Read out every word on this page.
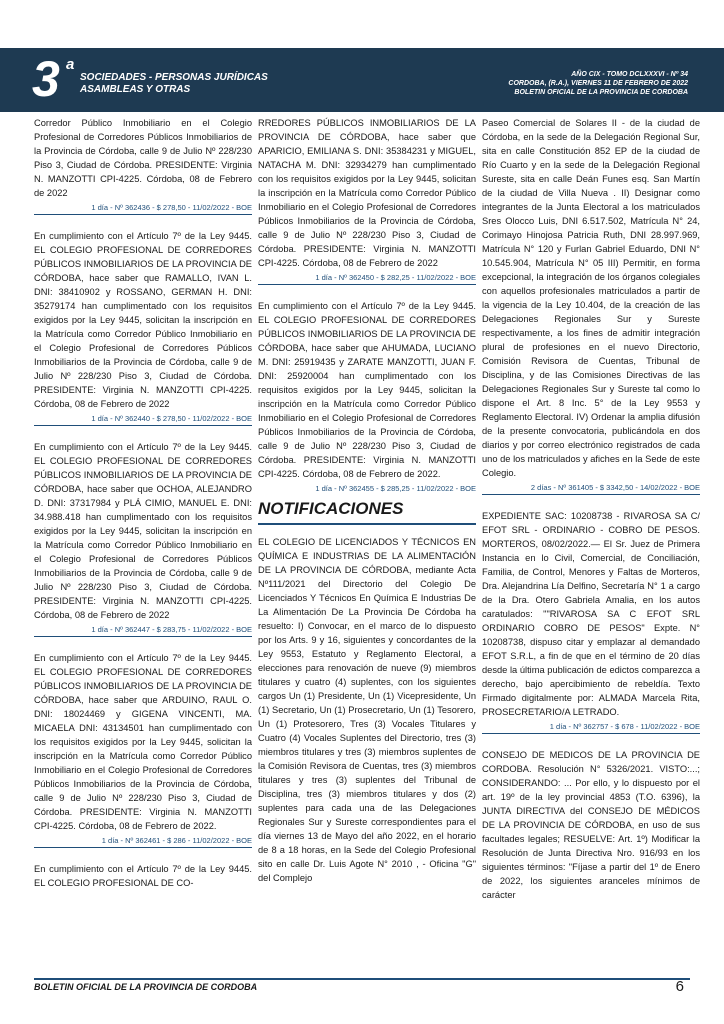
3 a
SOCIEDADES - PERSONAS JURÍDICAS
ASAMBLEAS Y OTRAS
AÑO CIX - TOMO DCLXXXVI - Nº 34
CORDOBA, (R.A.), VIERNES 11 DE FEBRERO DE 2022
BOLETIN OFICIAL DE LA PROVINCIA DE CORDOBA

Corredor Público Inmobiliario en el Colegio Profesional de Corredores Públicos Inmobiliarios de la Provincia de Córdoba, calle 9 de Julio Nº 228/230 Piso 3, Ciudad de Córdoba. PRESIDENTE: Virginia N. MANZOTTI CPI-4225. Córdoba, 08 de Febrero de 2022

1 día - Nº 362436 - $ 278,50 - 11/02/2022 - BOE

En cumplimiento con el Artículo 7º de la Ley 9445. EL COLEGIO PROFESIONAL DE CORREDORES PÚBLICOS INMOBILIARIOS DE LA PROVINCIA DE CÓRDOBA, hace saber que RAMALLO, IVAN L. DNI: 38410902 y ROSSANO, GERMAN H. DNI: 35279174 han cumplimentado con los requisitos exigidos por la Ley 9445, solicitan la inscripción en la Matrícula como Corredor Público Inmobiliario en el Colegio Profesional de Corredores Públicos Inmobiliarios de la Provincia de Córdoba, calle 9 de Julio Nº 228/230 Piso 3, Ciudad de Córdoba. PRESIDENTE: Virginia N. MANZOTTI CPI-4225. Córdoba, 08 de Febrero de 2022

1 día - Nº 362440 - $ 278,50 - 11/02/2022 - BOE

En cumplimiento con el Artículo 7º de la Ley 9445. EL COLEGIO PROFESIONAL DE CORREDORES PÚBLICOS INMOBILIARIOS DE LA PROVINCIA DE CÓRDOBA, hace saber que OCHOA, ALEJANDRO D. DNI: 37317984 y PLÁ CIMIO, MANUEL E. DNI: 34.988.418 han cumplimentado con los requisitos exigidos por la Ley 9445, solicitan la inscripción en la Matrícula como Corredor Público Inmobiliario en el Colegio Profesional de Corredores Públicos Inmobiliarios de la Provincia de Córdoba, calle 9 de Julio Nº 228/230 Piso 3, Ciudad de Córdoba. PRESIDENTE: Virginia N. MANZOTTI CPI-4225. Córdoba, 08 de Febrero de 2022

1 día - Nº 362447 - $ 283,75 - 11/02/2022 - BOE

En cumplimiento con el Artículo 7º de la Ley 9445. EL COLEGIO PROFESIONAL DE CORREDORES PÚBLICOS INMOBILIARIOS DE LA PROVINCIA DE CÓRDOBA, hace saber que ARDUINO, RAUL O. DNI: 18024469 y GIGENA VINCENTI, MA. MICAELA DNI: 43134501 han cumplimentado con los requisitos exigidos por la Ley 9445, solicitan la inscripción en la Matrícula como Corredor Público Inmobiliario en el Colegio Profesional de Corredores Públicos Inmobiliarios de la Provincia de Córdoba, calle 9 de Julio Nº 228/230 Piso 3, Ciudad de Córdoba. PRESIDENTE: Virginia N. MANZOTTI CPI-4225. Córdoba, 08 de Febrero de 2022.

1 día - Nº 362461 - $ 286 - 11/02/2022 - BOE

En cumplimiento con el Artículo 7º de la Ley 9445. EL COLEGIO PROFESIONAL DE CO-

RREDORES PÚBLICOS INMOBILIARIOS DE LA PROVINCIA DE CÓRDOBA, hace saber que APARICIO, EMILIANA S. DNI: 35384231 y MIGUEL, NATACHA M. DNI: 32934279 han cumplimentado con los requisitos exigidos por la Ley 9445, solicitan la inscripción en la Matrícula como Corredor Público Inmobiliario en el Colegio Profesional de Corredores Públicos Inmobiliarios de la Provincia de Córdoba, calle 9 de Julio Nº 228/230 Piso 3, Ciudad de Córdoba. PRESIDENTE: Virginia N. MANZOTTI CPI-4225. Córdoba, 08 de Febrero de 2022

1 día - Nº 362450 - $ 282,25 - 11/02/2022 - BOE

En cumplimiento con el Artículo 7º de la Ley 9445. EL COLEGIO PROFESIONAL DE CORREDORES PÚBLICOS INMOBILIARIOS DE LA PROVINCIA DE CÓRDOBA, hace saber que AHUMADA, LUCIANO M. DNI: 25919435 y ZARATE MANZOTTI, JUAN F. DNI: 25920004 han cumplimentado con los requisitos exigidos por la Ley 9445, solicitan la inscripción en la Matrícula como Corredor Público Inmobiliario en el Colegio Profesional de Corredores Públicos Inmobiliarios de la Provincia de Córdoba, calle 9 de Julio Nº 228/230 Piso 3, Ciudad de Córdoba. PRESIDENTE: Virginia N. MANZOTTI CPI-4225. Córdoba, 08 de Febrero de 2022.

1 día - Nº 362455 - $ 285,25 - 11/02/2022 - BOE
NOTIFICACIONES

EL COLEGIO DE LICENCIADOS Y TÉCNICOS EN QUÍMICA E INDUSTRIAS DE LA ALIMENTACIÓN DE LA PROVINCIA DE CÓRDOBA, mediante Acta Nº111/2021 del Directorio del Colegio De Licenciados Y Técnicos En Química E Industrias De La Alimentación De La Provincia De Córdoba ha resuelto: I) Convocar, en el marco de lo dispuesto por los Arts. 9 y 16, siguientes y concordantes de la Ley 9553, Estatuto y Reglamento Electoral, a elecciones para renovación de nueve (9) miembros titulares y cuatro (4) suplentes, con los siguientes cargos Un (1) Presidente, Un (1) Vicepresidente, Un (1) Secretario, Un (1) Prosecretario, Un (1) Tesorero, Un (1) Protesorero, Tres (3) Vocales Titulares y Cuatro (4) Vocales Suplentes del Directorio, tres (3) miembros titulares y tres (3) miembros suplentes de la Comisión Revisora de Cuentas, tres (3) miembros titulares y tres (3) suplentes del Tribunal de Disciplina, tres (3) miembros titulares y dos (2) suplentes para cada una de las Delegaciones Regionales Sur y Sureste correspondientes para el día viernes 13 de Mayo del año 2022, en el horario de 8 a 18 horas, en la Sede del Colegio Profesional sito en calle Dr. Luis Agote N° 2010 , - Oficina "G" del Complejo

Paseo Comercial de Solares II - de la ciudad de Córdoba, en la sede de la Delegación Regional Sur, sita en calle Constitución 852 EP de la ciudad de Río Cuarto y en la sede de la Delegación Regional Sureste, sita en calle Deán Funes esq. San Martín de la ciudad de Villa Nueva . II) Designar como integrantes de la Junta Electoral a los matriculados Sres Olocco Luis, DNI 6.517.502, Matrícula N° 24, Corimayo Hinojosa Patricia Ruth, DNI 28.997.969, Matrícula N° 120 y Furlan Gabriel Eduardo, DNI N° 10.545.904, Matrícula N° 05 III) Permitir, en forma excepcional, la integración de los órganos colegiales con aquellos profesionales matriculados a partir de la vigencia de la Ley 10.404, de la creación de las Delegaciones Regionales Sur y Sureste respectivamente, a los fines de admitir integración plural de profesiones en el nuevo Directorio, Comisión Revisora de Cuentas, Tribunal de Disciplina, y de las Comisiones Directivas de las Delegaciones Regionales Sur y Sureste tal como lo dispone el Art. 8 Inc. 5° de la Ley 9553 y Reglamento Electoral. IV) Ordenar la amplia difusión de la presente convocatoria, publicándola en dos diarios y por correo electrónico registrados de cada uno de los matriculados y afiches en la Sede de este Colegio.

2 días - Nº 361405 - $ 3342,50 - 14/02/2022 - BOE

EXPEDIENTE SAC: 10208738 - RIVAROSA SA C/ EFOT SRL - ORDINARIO - COBRO DE PESOS. MORTEROS, 08/02/2022.— El Sr. Juez de Primera Instancia en lo Civil, Comercial, de Conciliación, Familia, de Control, Menores y Faltas de Morteros, Dra. Alejandrina Lía Delfino, Secretaría N° 1 a cargo de la Dra. Otero Gabriela Amalia, en los autos caratulados: ""RIVAROSA SA C EFOT SRL ORDINARIO COBRO DE PESOS" Expte. N° 10208738, dispuso citar y emplazar al demandado EFOT S.R.L, a fin de que en el término de 20 días desde la última publicación de edictos comparezca a derecho, bajo apercibimiento de rebeldía. Texto Firmado digitalmente por: ALMADA Marcela Rita, PROSECRETARIO/A LETRADO.

1 día - Nº 362757 - $ 678 - 11/02/2022 - BOE

CONSEJO DE MEDICOS DE LA PROVINCIA DE CORDOBA. Resolución N° 5326/2021. VISTO:...; CONSIDERANDO: ... Por ello, y lo dispuesto por el art. 19º de la ley provincial 4853 (T.O. 6396), la JUNTA DIRECTIVA del CONSEJO DE MÉDICOS DE LA PROVINCIA DE CÓRDOBA, en uso de sus facultades legales; RESUELVE: Art. 1º) Modificar la Resolución de Junta Directiva Nro. 916/93 en los siguientes términos: "Fíjase a partir del 1º de Enero de 2022, los siguientes aranceles mínimos de carácter

BOLETIN OFICIAL DE LA PROVINCIA DE CORDOBA	6
